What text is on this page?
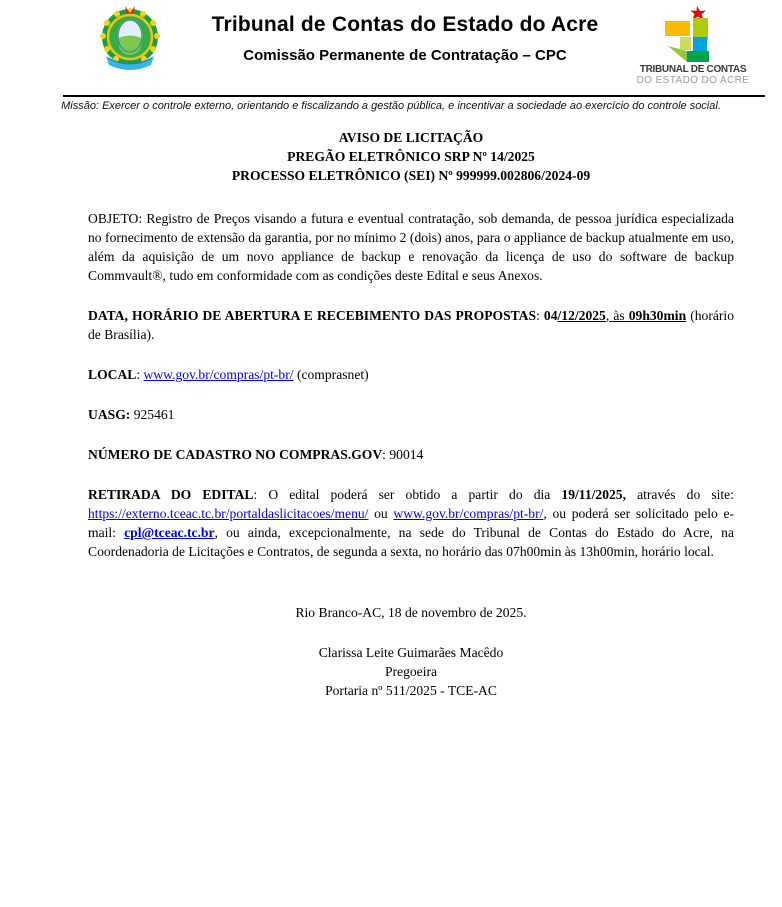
Tribunal de Contas do Estado do Acre
Comissão Permanente de Contratação – CPC
TRIBUNAL DE CONTAS
DO ESTADO DO ACRE
Missão: Exercer o controle externo, orientando e fiscalizando a gestão pública, e incentivar a sociedade ao exercício do controle social.
AVISO DE LICITAÇÃO
PREGÃO ELETRÔNICO SRP Nº 14/2025
PROCESSO ELETRÔNICO (SEI) Nº 999999.002806/2024-09

OBJETO: Registro de Preços visando a futura e eventual contratação, sob demanda, de pessoa jurídica especializada no fornecimento de extensão da garantia, por no mínimo 2 (dois) anos, para o appliance de backup atualmente em uso, além da aquisição de um novo appliance de backup e renovação da licença de uso do software de backup Commvault®, tudo em conformidade com as condições deste Edital e seus Anexos.

DATA, HORÁRIO DE ABERTURA E RECEBIMENTO DAS PROPOSTAS: 04/12/2025, às 09h30min (horário de Brasília).

LOCAL: www.gov.br/compras/pt-br/ (comprasnet)

UASG: 925461

NÚMERO DE CADASTRO NO COMPRAS.GOV: 90014

RETIRADA DO EDITAL: O edital poderá ser obtido a partir do dia 19/11/2025, através do site: https://externo.tceac.tc.br/portaldaslicitacoes/menu/ ou www.gov.br/compras/pt-br/, ou poderá ser solicitado pelo e-mail: cpl@tceac.tc.br, ou ainda, excepcionalmente, na sede do Tribunal de Contas do Estado do Acre, na Coordenadoria de Licitações e Contratos, de segunda a sexta, no horário das 07h00min às 13h00min, horário local.

Rio Branco-AC, 18 de novembro de 2025.
Clarissa Leite Guimarães Macêdo
Pregoeira
Portaria nº 511/2025 - TCE-AC
